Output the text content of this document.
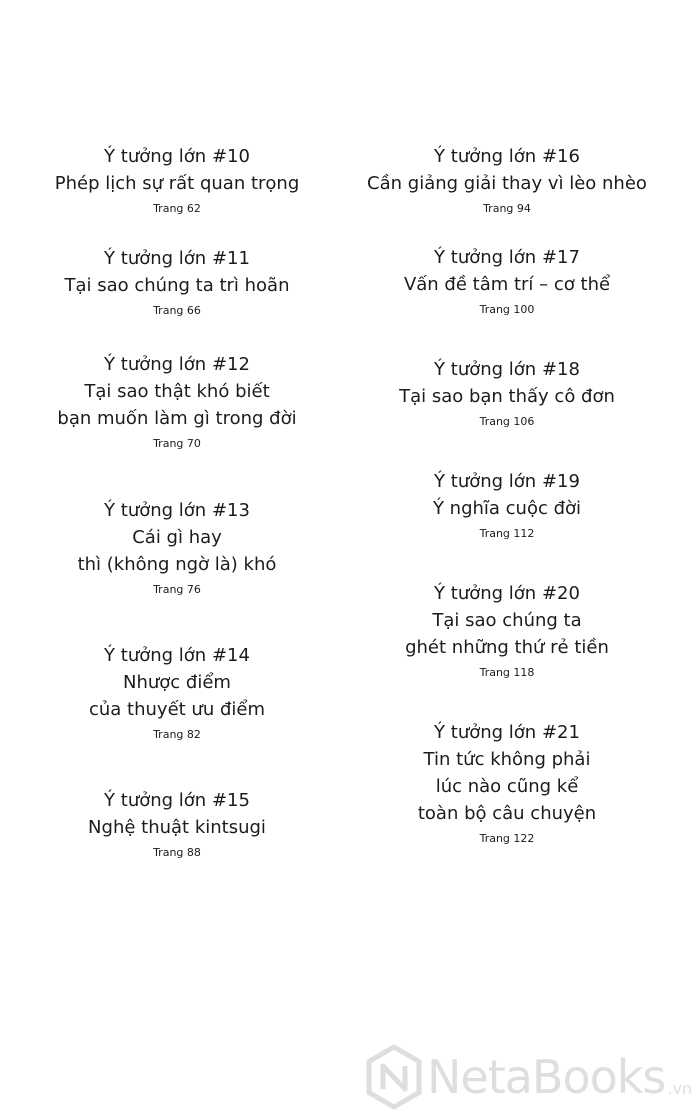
Ý tưởng lớn #10
Phép lịch sự rất quan trọng
Trang 62
Ý tưởng lớn #11
Tại sao chúng ta trì hoãn
Trang 66
Ý tưởng lớn #12
Tại sao thật khó biết
bạn muốn làm gì trong đời
Trang 70
Ý tưởng lớn #13
Cái gì hay
thì (không ngờ là) khó
Trang 76
Ý tưởng lớn #14
Nhược điểm
của thuyết ưu điểm
Trang 82
Ý tưởng lớn #15
Nghệ thuật kintsugi
Trang 88
Ý tưởng lớn #16
Cần giảng giải thay vì lèo nhèo
Trang 94
Ý tưởng lớn #17
Vấn đề tâm trí – cơ thể
Trang 100
Ý tưởng lớn #18
Tại sao bạn thấy cô đơn
Trang 106
Ý tưởng lớn #19
Ý nghĩa cuộc đời
Trang 112
Ý tưởng lớn #20
Tại sao chúng ta
ghét những thứ rẻ tiền
Trang 118
Ý tưởng lớn #21
Tin tức không phải
lúc nào cũng kể
toàn bộ câu chuyện
Trang 122
NetaBooks .vn
